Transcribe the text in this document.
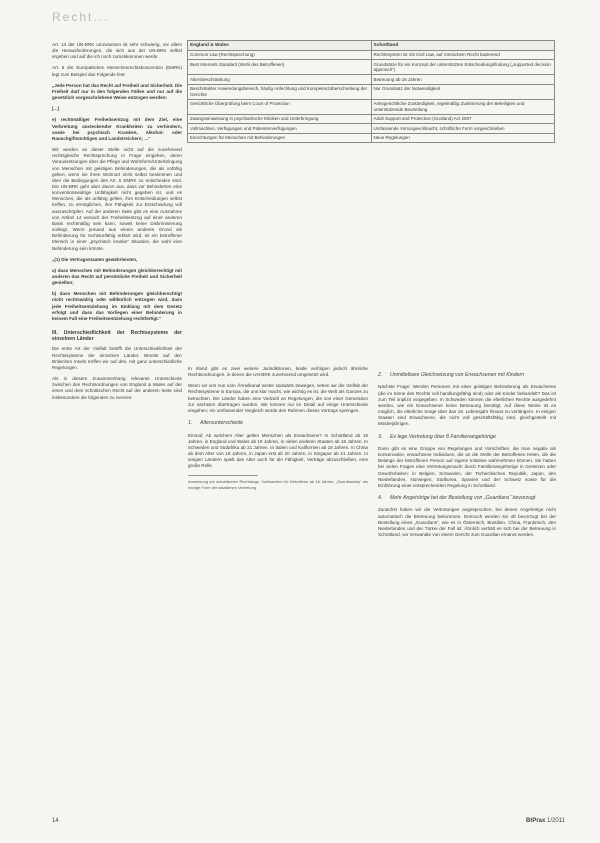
Recht...

Art. 14 der UN-BRK umzusetzen ist sehr schwierig, vor allem die Herausforderungen, die sich aus der UN-BRK selbst ergeben und auf die ich noch zurückkommen werde.

Art. 5 der Europäischen Menschenrechtskonvention (EMRK) legt zum Beispiel das Folgende fest:

„Jede Person hat das Recht auf Freiheit und Sicherheit. Die Freiheit darf nur in den folgenden Fällen und nur auf die gesetzlich vorgeschriebene Weise entzogen werden:

[...]

e) rechtmäßiger Freiheitsentzug mit dem Ziel, eine Verbreitung ansteckender Krankheiten zu verhindern, sowie bei psychisch Kranken, Alkohol- oder Rauschgiftsüchtigen und Landstreichern; ...“

Wir werden an dieser Stelle nicht auf die zunehmend rechtsgleiche Rechtsprechung in Frage eingehen, deren Voraussetzungen über die Pflege und Wohnform/Unterbringung von Menschen mit geistigen Behinderungen, die als unfähig gelten, wenn sie ihren Wohnort nicht selbst bestimmen und über die Bedingungen des Art. 5 EMRK zu entscheiden sind. Die UN-BRK geht aber davon aus, dass vor Behinderten eine konventionswidrige Unfähigkeit nicht gegeben ist, und es Menschen, die als unfähig gelten, ihre Entscheidungen selbst treffen, zu ermöglichen, ihre Fähigkeit zur Entscheidung voll auszuschöpfen. Auf der anderen Seite gibt es eine Ausnahme von Artikel 14 wonach der Freiheitsentzug auf einer anderen Basis rechtmäßig sein kann, soweit keine Diskriminierung vorliegt. Wenn jemand aus einem anderen Grund als Behinderung für rechtsunfähig erklärt wird, ist ein betroffener Mensch in einer „psychisch kranke“ Situation, die wohl eine Behinderung sein könnte.

„(1) Die Vertragsstaaten gewährleisten,

a) dass Menschen mit Behinderungen gleichberechtigt mit anderen das Recht auf persönliche Freiheit und Sicherheit genießen;

b) dass Menschen mit Behinderungen gleichberechtigt nicht rechtswidrig oder willkürlich entzogen wird, dass jede Freiheitsentziehung im Einklang mit dem Gesetz erfolgt und dass das Vorliegen einer Behinderung in keinem Fall eine Freiheitsentziehung rechtfertigt.“

III. Unterschiedlichkeit der Rechtssysteme der einzelnen Länder

Die erste Art der Vielfalt betrifft die Unterschiedlichkeit der Rechtssysteme der einzelnen Länder. Bereits auf den Britischen Inseln treffen wir auf drei, mit ganz unterschiedliche Regelungen.

Als in diesem Zusammenhang relevante Unterschiede zwischen den Rechtsordnungen von England & Wales auf der einen und dem schottischen Recht auf der anderen Seite sind insbesondere die folgenden zu nennen:

England & Wales	Schottland
Common Law (Rechtsprechung)	Rechtssystem ist mit Civil Law, auf römischem Recht basierend
Best Interests Standard (Wohl des Betroffenen)	Grundsätze für ein Konzept der unterstützten Entscheidungsfindung („supported decision approach“)
Altersbeschränkung	Betreuung ab 16 Jahren
Beschränkter Anwendungsbereich, häufig Anfechtung und Kompetenzüberschreitung der Gerichte	Nur Grundsatz der Notwendigkeit
Gerichtliche Überprüfung beim Court of Protection	Amtsgerichtliche Zuständigkeit, regelmäßig Zustimmung der Beteiligten und unterstützende Beurteilung
Zwangseinweisung in psychiatrische Kliniken und Unterbringung	Adult Support and Protection (Scotland) Act 2007
Vollmachten, Verfügungen und Patientenverfügungen	Umfassende Vorsorgevollmacht, schriftliche Form vorgeschrieben
Einrichtungen für Menschen mit Behinderungen	Neue Regelungen

In Irland gibt es zwei weitere Jurisdiktionen, beide verfolgen jedoch ähnliche Rechtsordnungen, in denen die UN-BRK zunehmend umgesetzt wird.

Wenn wir uns nun vom Ärmelkanal weiter südwärts bewegen, sehen wir die Vielfalt der Rechtssysteme in Europa, die uns klar macht, wie wichtig es ist, die Welt als Ganzes zu betrachten. Die Länder haben eine Vielzahl an Regelungen, die von einer Generation zur nächsten übertragen wurden. Wir können nur im Detail auf einige Unterschiede eingehen; ein umfassender Vergleich würde den Rahmen dieses Vortrags sprengen.

1. Altersunterschiede

Einmal: Ab welchem Alter gelten Menschen als Erwachsene? In Schottland ab 16 Jahren, in England und Wales ab 18 Jahren, in vielen anderen Staaten ab 18 Jahren. In Schweden und Südafrika ab 21 Jahren. In Italien und Kalifornien ab 18 Jahren. In China ab dem Alter von 18 Jahren, in Japan erst ab 20 Jahren, in Singapur ab 21 Jahren. In einigen Ländern spielt das Alter auch für die Fähigkeit, Verträge abzuschließen, eine große Rolle.

Anmerkung zur schottischen Rechtslage, Vollmachten für Betroffene ab 16 Jahren; „Guardianship“ als einzige Form der staatlichen Vertretung.
2. Unmittelbare Gleichsetzung von Erwachsenen mit Kindern

Nächste Frage: Werden Personen mit einer geistigen Behinderung als Erwachsene (die im Sinne des Rechts voll handlungsfähig sind) oder als Kinder behandelt? Das ist zum Teil implizit vorgegeben. In Schweden können die elterlichen Rechte ausgedehnt werden, wie ein Erwachsener keine Betreuung benötigt. Auf diese Weise ist es möglich, die elterliche Sorge über das 18. Lebensjahr hinaus zu verlängern. In einigen Staaten sind Erwachsene, die nicht voll geschäftsfähig sind, gleichgestellt mit Minderjährigen.

3. Ex lege Vertretung über 8 Familienangehörige

Dann gibt es eine Gruppe von Regelungen und Vorschriften, die man negativ als konservative, erwachsene Individuen, die an die Stelle der Betroffenen treten, die die Belange der betroffenen Person auf eigene Initiative wahrnehmen können. Sie haben bei vielen Fragen eine Vertretungsmacht durch Familienangehörige in Gesetzen oder Gewohnheiten: in Belgien, Schweden, der Tschechischen Republik, Japan, den Niederlanden, Norwegen, Südkorea, Spanien und der Schweiz sowie für die Einführung einer entsprechenden Regelung in Schottland.

4. Mehr Angehörige bei der Bestellung von „Guardians“ bevorzugt

Zunächst haben wir die Vertretungen angesprochen; bei denen Angehörige nicht automatisch die Betreuung bekommen. Dennoch werden sie oft bevorzugt bei der Bestellung eines „Guardians“, wie es in Österreich, Brasilien, China, Frankreich, den Niederlanden und der Türkei der Fall ist. Ähnlich verhält es sich bei der Betreuung in Schottland, wo Verwandte von einem Gericht zum Guardian ernannt werden.

14	BtPrax 1/2011
